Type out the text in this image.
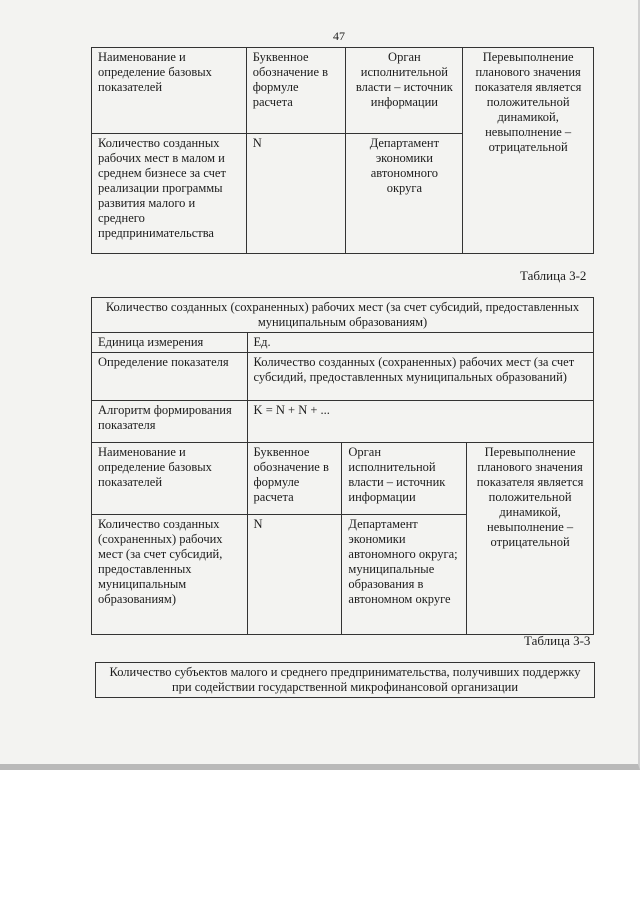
47
Наименование и определение базовых показателей	Буквенное обозначение в формуле расчета	Орган исполнительной власти – источник информации	Перевыполнение планового значения показателя является положительной динамикой, невыполнение – отрицательной
Количество созданных рабочих мест в малом и среднем бизнесе за счет реализации программы развития малого и среднего предпринимательства	N	Департамент экономики автономного округа	
Таблица 3-2
Количество созданных (сохраненных) рабочих мест (за счет субсидий, предоставленных муниципальным образованиям)			
Единица измерения	Ед.		
Определение показателя	Количество созданных (сохраненных) рабочих мест (за счет субсидий, предоставленных муниципальных образований)		
Алгоритм формирования показателя	K = N + N + ...		
Наименование и определение базовых показателей	Буквенное обозначение в формуле расчета	Орган исполнительной власти – источник информации	Перевыполнение планового значения показателя является положительной динамикой, невыполнение – отрицательной
Количество созданных (сохраненных) рабочих мест (за счет субсидий, предоставленных муниципальным образованиям)	N	Департамент экономики автономного округа; муниципальные образования в автономном округе	
Таблица 3-3
Количество субъектов малого и среднего предпринимательства, получивших поддержку при содействии государственной микрофинансовой организации
